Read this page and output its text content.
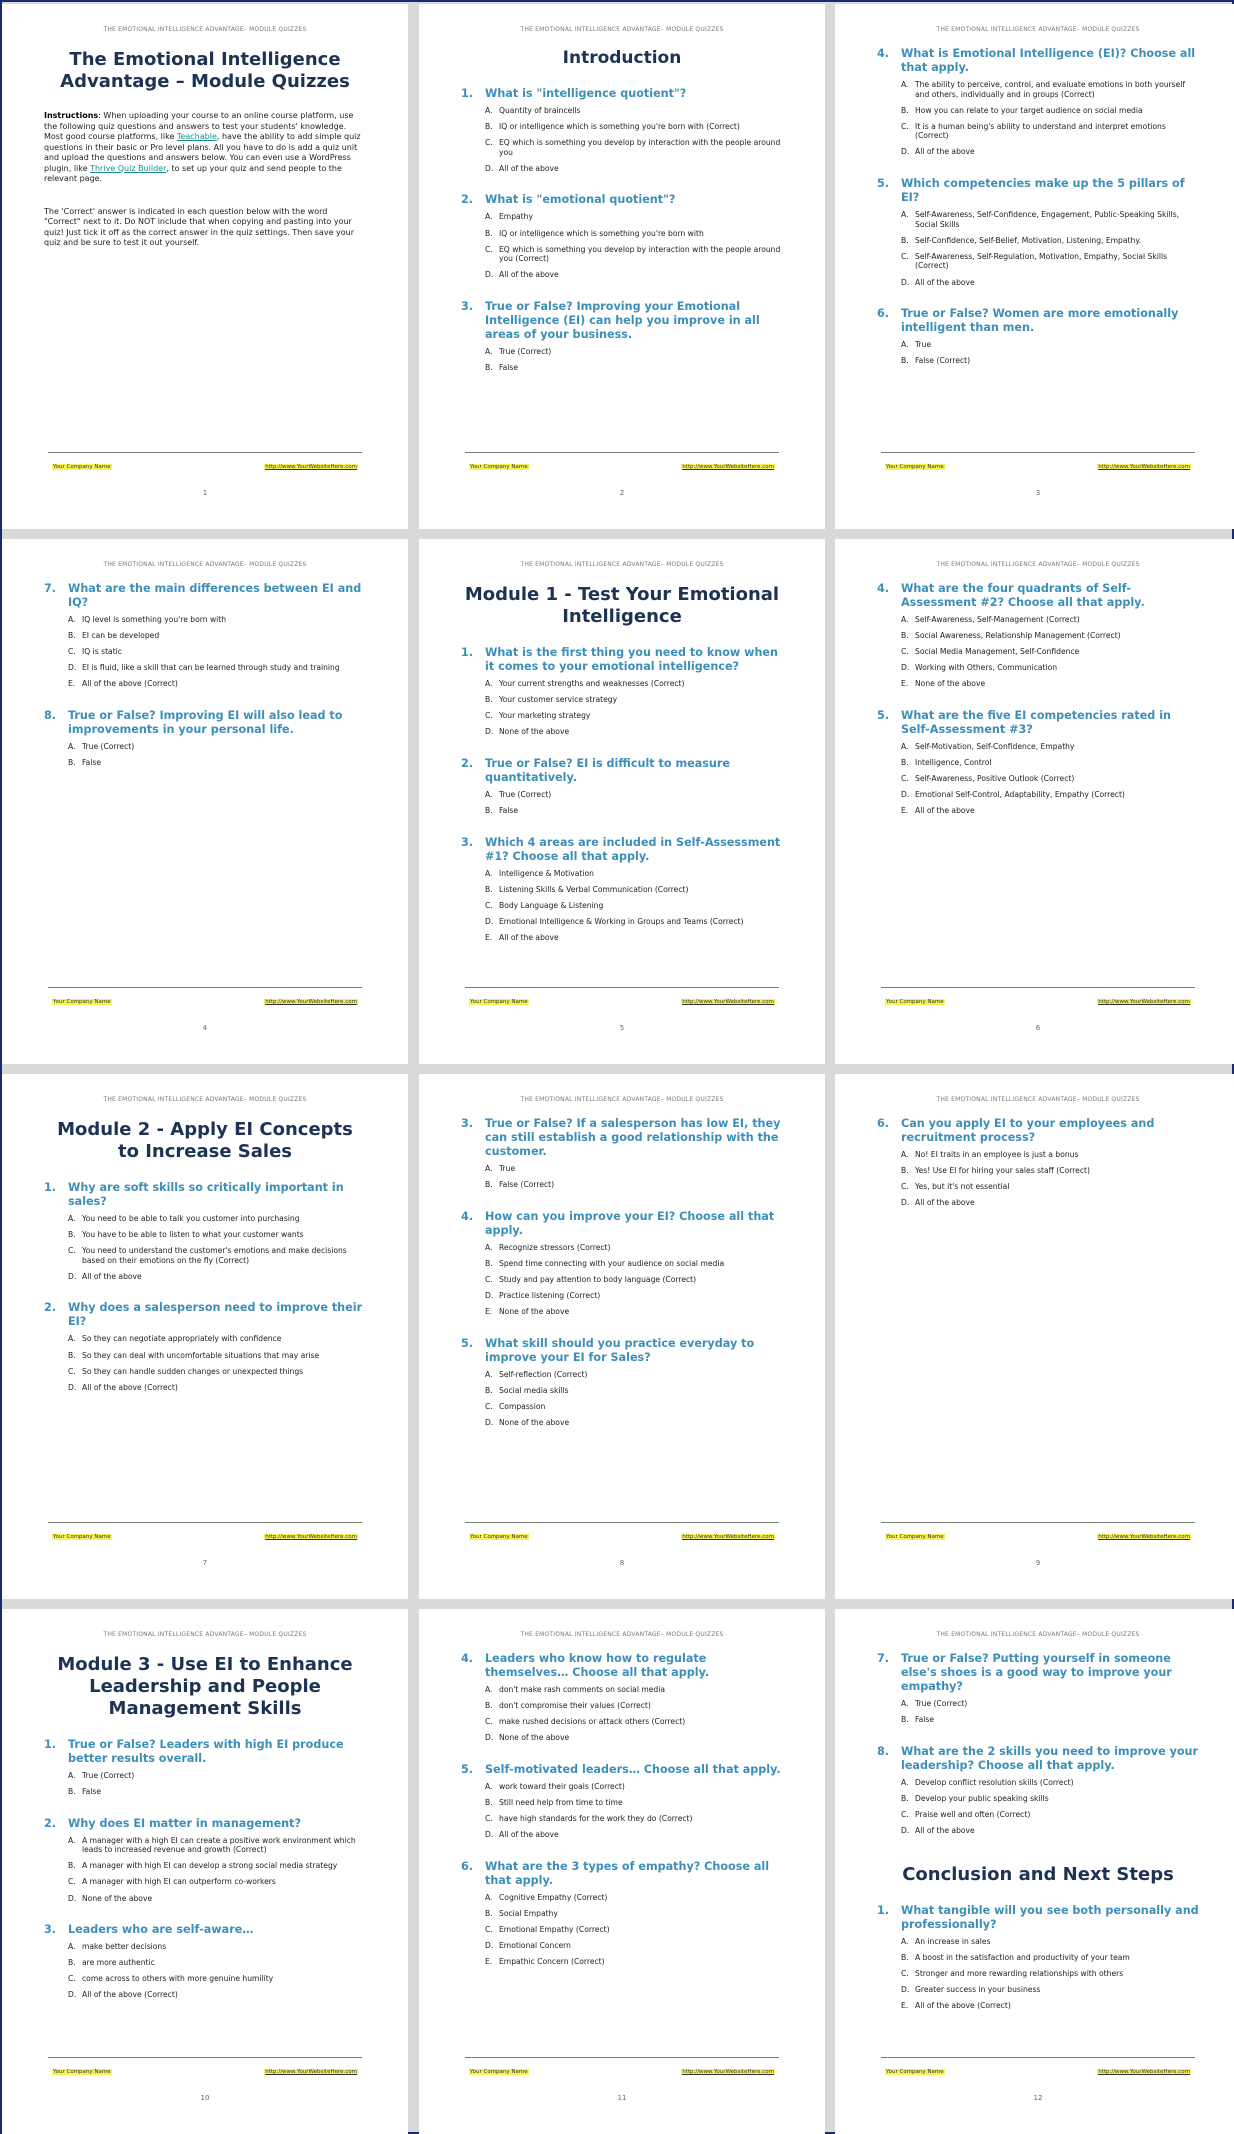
THE EMOTIONAL INTELLIGENCE ADVANTAGE– MODULE QUIZZES
The Emotional Intelligence Advantage – Module Quizzes

Instructions: When uploading your course to an online course platform, use the following quiz questions and answers to test your students' knowledge. Most good course platforms, like Teachable, have the ability to add simple quiz questions in their basic or Pro level plans. All you have to do is add a quiz unit and upload the questions and answers below. You can even use a WordPress plugin, like Thrive Quiz Builder, to set up your quiz and send people to the relevant page.

The 'Correct' answer is indicated in each question below with the word "Correct" next to it. Do NOT include that when copying and pasting into your quiz! Just tick it off as the correct answer in the quiz settings. Then save your quiz and be sure to test it out yourself.

Your Company Name	http://www.YourWebsiteHere.com
1
THE EMOTIONAL INTELLIGENCE ADVANTAGE– MODULE QUIZZES
Introduction
1.	What is "intelligence quotient"?
A. Quantity of braincells
B. IQ or intelligence which is something you're born with (Correct)
C. EQ which is something you develop by interaction with the people around you
D. All of the above
2.	What is "emotional quotient"?
A. Empathy
B. IQ or intelligence which is something you're born with
C. EQ which is something you develop by interaction with the people around you (Correct)
D. All of the above
3.	True or False? Improving your Emotional Intelligence (EI) can help you improve in all areas of your business.
A. True (Correct)
B. False
Your Company Name	http://www.YourWebsiteHere.com
2
THE EMOTIONAL INTELLIGENCE ADVANTAGE– MODULE QUIZZES
4.	What is Emotional Intelligence (EI)? Choose all that apply.
A. The ability to perceive, control, and evaluate emotions in both yourself and others, individually and in groups (Correct)
B. How you can relate to your target audience on social media
C. It is a human being's ability to understand and interpret emotions (Correct)
D. All of the above
5.	Which competencies make up the 5 pillars of EI?
A. Self-Awareness, Self-Confidence, Engagement, Public-Speaking Skills, Social Skills
B. Self-Confidence, Self-Belief, Motivation, Listening, Empathy.
C. Self-Awareness, Self-Regulation, Motivation, Empathy, Social Skills (Correct)
D. All of the above
6.	True or False? Women are more emotionally intelligent than men.
A. True
B. False (Correct)
Your Company Name	http://www.YourWebsiteHere.com
3
THE EMOTIONAL INTELLIGENCE ADVANTAGE– MODULE QUIZZES
7.	What are the main differences between EI and IQ?
A. IQ level is something you're born with
B. EI can be developed
C. IQ is static
D. EI is fluid, like a skill that can be learned through study and training
E. All of the above (Correct)
8.	True or False? Improving EI will also lead to improvements in your personal life.
A. True (Correct)
B. False
Your Company Name	http://www.YourWebsiteHere.com
4
THE EMOTIONAL INTELLIGENCE ADVANTAGE– MODULE QUIZZES
Module 1 - Test Your Emotional Intelligence
1.	What is the first thing you need to know when it comes to your emotional intelligence?
A. Your current strengths and weaknesses (Correct)
B. Your customer service strategy
C. Your marketing strategy
D. None of the above
2.	True or False? EI is difficult to measure quantitatively.
A. True (Correct)
B. False
3.	Which 4 areas are included in Self-Assessment #1? Choose all that apply.
A. Intelligence & Motivation
B. Listening Skills & Verbal Communication (Correct)
C. Body Language & Listening
D. Emotional Intelligence & Working in Groups and Teams (Correct)
E. All of the above
Your Company Name	http://www.YourWebsiteHere.com
5
THE EMOTIONAL INTELLIGENCE ADVANTAGE– MODULE QUIZZES
4.	What are the four quadrants of Self-Assessment #2? Choose all that apply.
A. Self-Awareness, Self-Management (Correct)
B. Social Awareness, Relationship Management (Correct)
C. Social Media Management, Self-Confidence
D. Working with Others, Communication
E. None of the above
5.	What are the five EI competencies rated in Self-Assessment #3?
A. Self-Motivation, Self-Confidence, Empathy
B. Intelligence, Control
C. Self-Awareness, Positive Outlook (Correct)
D. Emotional Self-Control, Adaptability, Empathy (Correct)
E. All of the above
Your Company Name	http://www.YourWebsiteHere.com
6
THE EMOTIONAL INTELLIGENCE ADVANTAGE– MODULE QUIZZES
Module 2 - Apply EI Concepts to Increase Sales
1.	Why are soft skills so critically important in sales?
A. You need to be able to talk you customer into purchasing
B. You have to be able to listen to what your customer wants
C. You need to understand the customer's emotions and make decisions based on their emotions on the fly (Correct)
D. All of the above
2.	Why does a salesperson need to improve their EI?
A. So they can negotiate appropriately with confidence
B. So they can deal with uncomfortable situations that may arise
C. So they can handle sudden changes or unexpected things
D. All of the above (Correct)
Your Company Name	http://www.YourWebsiteHere.com
7
THE EMOTIONAL INTELLIGENCE ADVANTAGE– MODULE QUIZZES
3.	True or False? If a salesperson has low EI, they can still establish a good relationship with the customer.
A. True
B. False (Correct)
4.	How can you improve your EI? Choose all that apply.
A. Recognize stressors (Correct)
B. Spend time connecting with your audience on social media
C. Study and pay attention to body language (Correct)
D. Practice listening (Correct)
E. None of the above
5.	What skill should you practice everyday to improve your EI for Sales?
A. Self-reflection (Correct)
B. Social media skills
C. Compassion
D. None of the above
Your Company Name	http://www.YourWebsiteHere.com
8
THE EMOTIONAL INTELLIGENCE ADVANTAGE– MODULE QUIZZES
6.	Can you apply EI to your employees and recruitment process?
A. No! EI traits in an employee is just a bonus
B. Yes! Use EI for hiring your sales staff (Correct)
C. Yes, but it's not essential
D. All of the above
Your Company Name	http://www.YourWebsiteHere.com
9
THE EMOTIONAL INTELLIGENCE ADVANTAGE– MODULE QUIZZES
Module 3 - Use EI to Enhance Leadership and People Management Skills
1.	True or False? Leaders with high EI produce better results overall.
A. True (Correct)
B. False
2.	Why does EI matter in management?
A. A manager with a high EI can create a positive work environment which leads to increased revenue and growth (Correct)
B. A manager with high EI can develop a strong social media strategy
C. A manager with high EI can outperform co-workers
D. None of the above
3.	Leaders who are self-aware…
A. make better decisions
B. are more authentic
C. come across to others with more genuine humility
D. All of the above (Correct)
Your Company Name	http://www.YourWebsiteHere.com
10
THE EMOTIONAL INTELLIGENCE ADVANTAGE– MODULE QUIZZES
4.	Leaders who know how to regulate themselves… Choose all that apply.
A. don't make rash comments on social media
B. don't compromise their values (Correct)
C. make rushed decisions or attack others (Correct)
D. None of the above
5.	Self-motivated leaders… Choose all that apply.
A. work toward their goals (Correct)
B. Still need help from time to time
C. have high standards for the work they do (Correct)
D. All of the above
6.	What are the 3 types of empathy? Choose all that apply.
A. Cognitive Empathy (Correct)
B. Social Empathy
C. Emotional Empathy (Correct)
D. Emotional Concern
E. Empathic Concern (Correct)
Your Company Name	http://www.YourWebsiteHere.com
11
THE EMOTIONAL INTELLIGENCE ADVANTAGE– MODULE QUIZZES
7.	True or False? Putting yourself in someone else's shoes is a good way to improve your empathy?
A. True (Correct)
B. False
8.	What are the 2 skills you need to improve your leadership? Choose all that apply.
A. Develop conflict resolution skills (Correct)
B. Develop your public speaking skills
C. Praise well and often (Correct)
D. All of the above
Conclusion and Next Steps
1.	What tangible will you see both personally and professionally?
A. An increase in sales
B. A boost in the satisfaction and productivity of your team
C. Stronger and more rewarding relationships with others
D. Greater success in your business
E. All of the above (Correct)
Your Company Name	http://www.YourWebsiteHere.com
12
